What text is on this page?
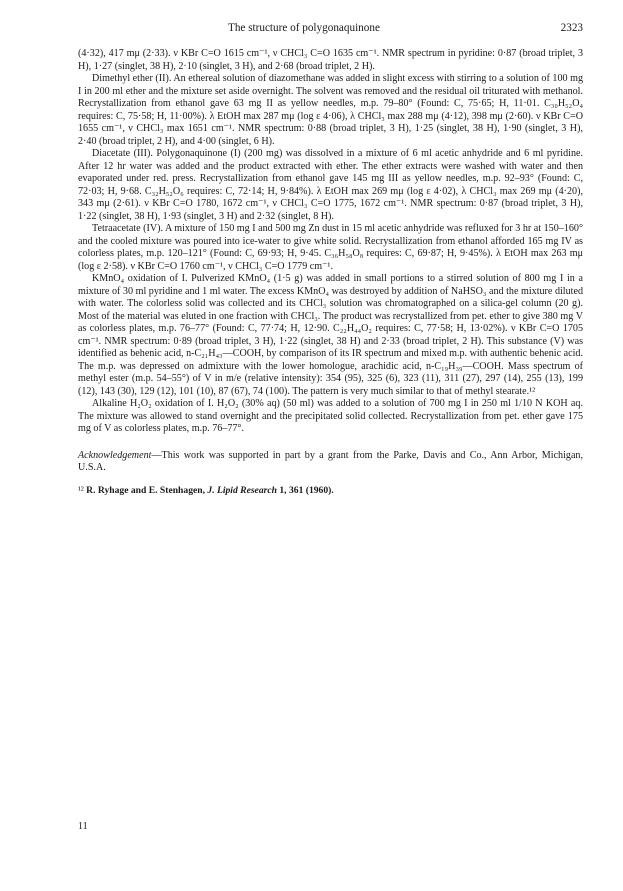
The structure of polygonaquinone	2323

(4·32), 417 mμ (2·33). ν KBr C=O 1615 cm⁻¹, ν CHCl₃ C=O 1635 cm⁻¹. NMR spectrum in pyridine: 0·87 (broad triplet, 3 H), 1·27 (singlet, 38 H), 2·10 (singlet, 3 H), and 2·68 (broad triplet, 2 H).

Dimethyl ether (II). An ethereal solution of diazomethane was added in slight excess with stirring to a solution of 100 mg I in 200 ml ether and the mixture set aside overnight. The solvent was removed and the residual oil triturated with methanol. Recrystallization from ethanol gave 63 mg II as yellow needles, m.p. 79–80° (Found: C, 75·65; H, 11·01. C₃₀H₅₂O₄ requires: C, 75·58; H, 11·00%). λ EtOH max 287 mμ (log ε 4·06), λ CHCl₃ max 288 mμ (4·12), 398 mμ (2·60). ν KBr C=O 1655 cm⁻¹, ν CHCl₃ max 1651 cm⁻¹. NMR spectrum: 0·88 (broad triplet, 3 H), 1·25 (singlet, 38 H), 1·90 (singlet, 3 H), 2·40 (broad triplet, 2 H), and 4·00 (singlet, 6 H).

Diacetate (III). Polygonaquinone (I) (200 mg) was dissolved in a mixture of 6 ml acetic anhydride and 6 ml pyridine. After 12 hr water was added and the product extracted with ether. The ether extracts were washed with water and then evaporated under red. press. Recrystallization from ethanol gave 145 mg III as yellow needles, m.p. 92–93° (Found: C, 72·03; H, 9·68. C₃₂H₅₂O₆ requires: C, 72·14; H, 9·84%). λ EtOH max 269 mμ (log ε 4·02), λ CHCl₃ max 269 mμ (4·20), 343 mμ (2·61). ν KBr C=O 1780, 1672 cm⁻¹, ν CHCl₃ C=O 1775, 1672 cm⁻¹. NMR spectrum: 0·87 (broad triplet, 3 H), 1·22 (singlet, 38 H), 1·93 (singlet, 3 H) and 2·32 (singlet, 8 H).

Tetraacetate (IV). A mixture of 150 mg I and 500 mg Zn dust in 15 ml acetic anhydride was refluxed for 3 hr at 150–160° and the cooled mixture was poured into ice-water to give white solid. Recrystallization from ethanol afforded 165 mg IV as colorless plates, m.p. 120–121° (Found: C, 69·93; H, 9·45. C₃₆H₅₈O₈ requires: C, 69·87; H, 9·45%). λ EtOH max 263 mμ (log ε 2·58). ν KBr C=O 1760 cm⁻¹, ν CHCl₃ C=O 1779 cm⁻¹.

KMnO₄ oxidation of I. Pulverized KMnO₄ (1·5 g) was added in small portions to a stirred solution of 800 mg I in a mixture of 30 ml pyridine and 1 ml water. The excess KMnO₄ was destroyed by addition of NaHSO₃ and the mixture diluted with water. The colorless solid was collected and its CHCl₃ solution was chromatographed on a silica-gel column (20 g). Most of the material was eluted in one fraction with CHCl₃. The product was recrystallized from pet. ether to give 380 mg V as colorless plates, m.p. 76–77° (Found: C, 77·74; H, 12·90. C₂₂H₄₄O₂ requires: C, 77·58; H, 13·02%). ν KBr C=O 1705 cm⁻¹. NMR spectrum: 0·89 (broad triplet, 3 H), 1·22 (singlet, 38 H) and 2·33 (broad triplet, 2 H). This substance (V) was identified as behenic acid, n-C₂₁H₄₃—COOH, by comparison of its IR spectrum and mixed m.p. with authentic behenic acid. The m.p. was depressed on admixture with the lower homologue, arachidic acid, n-C₁₉H₃₉—COOH. Mass spectrum of methyl ester (m.p. 54–55°) of V in m/e (relative intensity): 354 (95), 325 (6), 323 (11), 311 (27), 297 (14), 255 (13), 199 (12), 143 (30), 129 (12), 101 (10), 87 (67), 74 (100). The pattern is very much similar to that of methyl stearate.¹²

Alkaline H₂O₂ oxidation of I. H₂O₂ (30% aq) (50 ml) was added to a solution of 700 mg I in 250 ml 1/10 N KOH aq. The mixture was allowed to stand overnight and the precipitated solid collected. Recrystallization from pet. ether gave 175 mg of V as colorless plates, m.p. 76–77°.

Acknowledgement—This work was supported in part by a grant from the Parke, Davis and Co., Ann Arbor, Michigan, U.S.A.

¹² R. Ryhage and E. Stenhagen, J. Lipid Research 1, 361 (1960).

11
